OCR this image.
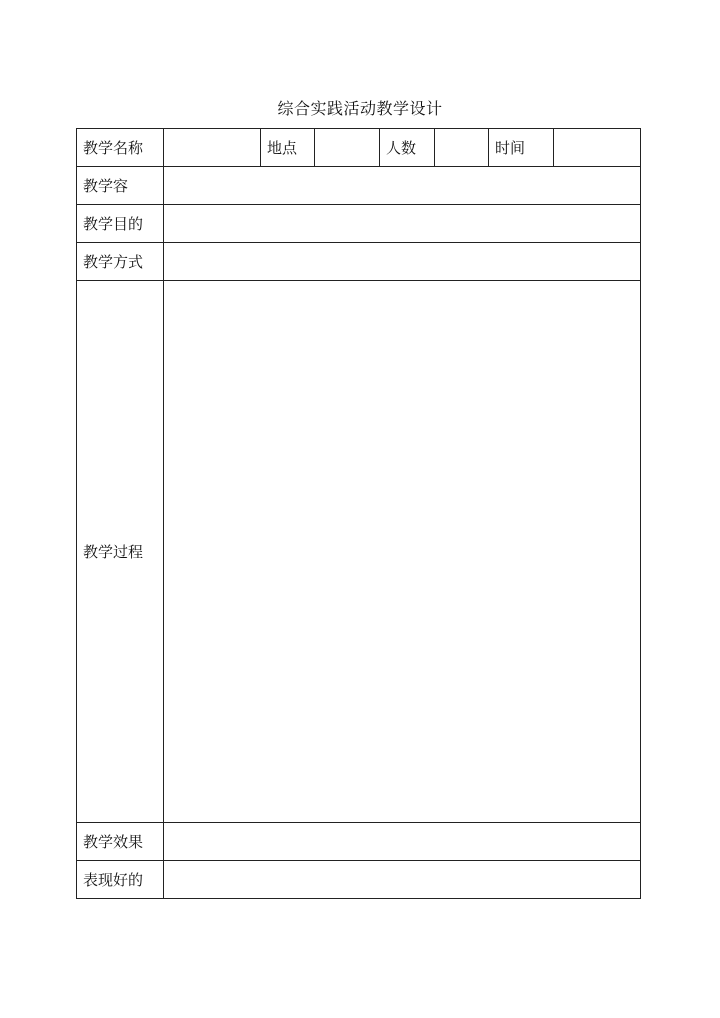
综合实践活动教学设计
教学名称		地点		人数		时间	
教学容							
教学目的							
教学方式							
教学过程							
教学效果							
表现好的							
